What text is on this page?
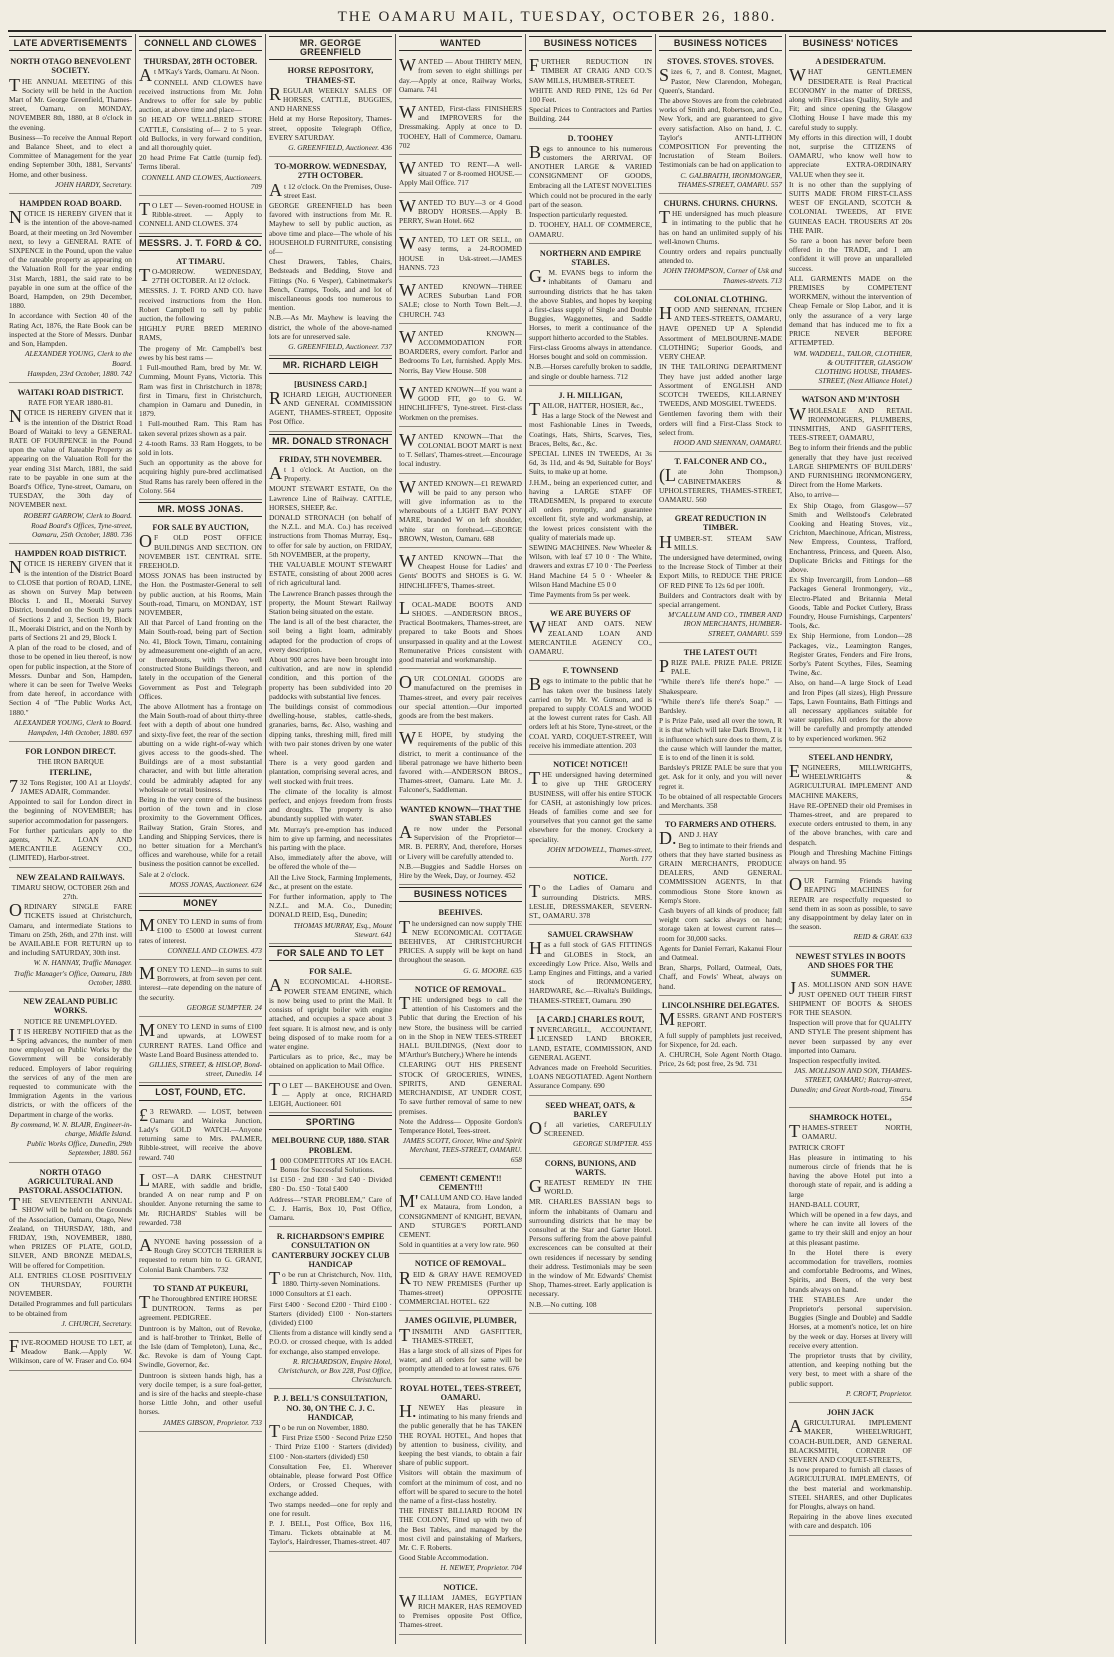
THE OAMARU MAIL, TUESDAY, OCTOBER 26, 1880.
LATE ADVERTISEMENTS
NORTH OTAGO BENEVOLENT SOCIETY.

THE ANNUAL MEETING of this Society will be held in the Auction Mart of Mr. George Greenfield, Thames-street, Oamaru, on MONDAY, NOVEMBER 8th, 1880, at 8 o'clock in the evening.

Business—To receive the Annual Report and Balance Sheet, and to elect a Committee of Management for the year ending September 30th, 1881, Servants' Home, and other business.

JOHN HARDY, Secretary.
HAMPDEN ROAD BOARD.

NOTICE IS HEREBY GIVEN that it is the intention of the above-named Board, at their meeting on 3rd November next, to levy a GENERAL RATE of SIXPENCE in the Pound, upon the value of the rateable property as appearing on the Valuation Roll for the year ending 31st March, 1881, the said rate to be payable in one sum at the office of the Board, Hampden, on 29th December, 1880.

In accordance with Section 40 of the Rating Act, 1876, the Rate Book can be inspected at the Store of Messrs. Dunbar and Son, Hampden.

ALEXANDER YOUNG, Clerk to the Board.
Hampden, 23rd October, 1880. 742
WAITAKI ROAD DISTRICT.
RATE FOR YEAR 1880-81.

NOTICE IS HEREBY GIVEN that it is the intention of the District Road Board of Waitaki to levy a GENERAL RATE OF FOURPENCE in the Pound upon the value of Rateable Property as appearing on the Valuation Roll for the year ending 31st March, 1881, the said rate to be payable in one sum at the Board's Office, Tyne-street, Oamaru, on TUESDAY, the 30th day of NOVEMBER next.

ROBERT GARROW, Clerk to Board.
Road Board's Offices, Tyne-street, Oamaru, 25th October, 1880. 736
HAMPDEN ROAD DISTRICT.

NOTICE IS HEREBY GIVEN that it is the intention of the District Board to CLOSE that portion of ROAD, LINE, as shown on Survey Map between Blocks I. and II., Moeraki Survey District, bounded on the South by parts of Sections 2 and 3, Section 19, Block II., Moeraki District, and on the North by parts of Sections 21 and 29, Block I.

A plan of the road to be closed, and of those to be opened in lieu thereof, is now open for public inspection, at the Store of Messrs. Dunbar and Son, Hampden, where it can be seen for Twelve Weeks from date hereof, in accordance with Section 4 of "The Public Works Act, 1880."

ALEXANDER YOUNG, Clerk to Board.
Hampden, 14th October, 1880. 697
FOR LONDON DIRECT.
THE IRON BARQUE
ITERLINE,

732 Tons Register, 100 A1 at Lloyds'. JAMES ADAIR, Commander.

Appointed to sail for London direct in the beginning of NOVEMBER; has superior accommodation for passengers.

For further particulars apply to the agents, N.Z. LOAN AND MERCANTILE AGENCY CO., (LIMITED), Harbor-street.

NEW ZEALAND RAILWAYS.
TIMARU SHOW, OCTOBER 26th and 27th.

ORDINARY SINGLE FARE TICKETS issued at Christchurch, Oamaru, and intermediate Stations to Timaru on 25th, 26th, and 27th inst. will be AVAILABLE FOR RETURN up to and including SATURDAY, 30th inst.

W. N. HANNAY, Traffic Manager.
Traffic Manager's Office, Oamaru, 18th October, 1880.
NEW ZEALAND PUBLIC WORKS.
NOTICE RE UNEMPLOYED.

IT IS HEREBY NOTIFIED that as the Spring advances, the number of men now employed on Public Works by the Government will be considerably reduced. Employers of labor requiring the services of any of the men are requested to communicate with the Immigration Agents in the various districts, or with the officers of the Department in charge of the works.

By command, W. N. BLAIR, Engineer-in-charge, Middle Island.
Public Works Office, Dunedin, 29th September, 1880. 561
NORTH OTAGO AGRICULTURAL AND PASTORAL ASSOCIATION.

THE SEVENTEENTH ANNUAL SHOW will be held on the Grounds of the Association, Oamaru, Otago, New Zealand, on THURSDAY, 18th, and FRIDAY, 19th, NOVEMBER, 1880, when PRIZES OF PLATE, GOLD, SILVER, AND BRONZE MEDALS, Will be offered for Competition.

ALL ENTRIES CLOSE POSITIVELY ON THURSDAY, FOURTH NOVEMBER.

Detailed Programmes and full particulars to be obtained from

J. CHURCH, Secretary.

FIVE-ROOMED HOUSE TO LET, at Meadow Bank.—Apply W. Wilkinson, care of W. Fraser and Co. 604

CONNELL AND CLOWES
THURSDAY, 28TH OCTOBER.

At M'Kay's Yards, Oamaru. At Noon.

CONNELL AND CLOWES have received instructions from Mr. John Andrews to offer for sale by public auction, at above time and place—

50 HEAD OF WELL-BRED STORE CATTLE, Consisting of— 2 to 5 year-old Bullocks, in very forward condition, and all thoroughly quiet.

20 head Prime Fat Cattle (turnip fed). Terms liberal.

CONNELL AND CLOWES, Auctioneers. 709

TO LET — Seven-roomed HOUSE in Ribble-street. — Apply to CONNELL AND CLOWES. 374

MESSRS. J. T. FORD & CO.
AT TIMARU.

TO-MORROW. WEDNESDAY, 27TH OCTOBER. At 12 o'clock.

MESSRS. J. T. FORD AND CO. have received instructions from the Hon. Robert Campbell to sell by public auction, the following

HIGHLY PURE BRED MERINO RAMS,

The progeny of Mr. Campbell's best ewes by his best rams —

1 Full-mouthed Ram, bred by Mr. W. Cumming, Mount Fyans, Victoria. This Ram was first in Christchurch in 1878; first in Timaru, first in Christchurch, champion in Oamaru and Dunedin, in 1879.

1 Full-mouthed Ram. This Ram has taken several prizes shown as a pair.

2 4-tooth Rams. 33 Ram Hoggets, to be sold in lots.

Such an opportunity as the above for acquiring highly pure-bred acclimatised Stud Rams has rarely been offered in the Colony. 564

MR. MOSS JONAS.
FOR SALE BY AUCTION,

OF OLD POST OFFICE BUILDINGS AND SECTION. ON NOVEMBER 1ST. CENTRAL SITE. FREEHOLD.

MOSS JONAS has been instructed by the Hon. the Postmaster-General to sell by public auction, at his Rooms, Main South-road, Timaru, on MONDAY, 1ST NOVEMBER,

All that Parcel of Land fronting on the Main South-road, being part of Section No. 41, Block Town, Timaru, containing by admeasurement one-eighth of an acre, or thereabouts, with Two well constructed Stone Buildings thereon, and lately in the occupation of the General Government as Post and Telegraph Offices.

The above Allotment has a frontage on the Main South-road of about thirty-three feet with a depth of about one hundred and sixty-five feet, the rear of the section abutting on a wide right-of-way which gives access to the goods-shed. The Buildings are of a most substantial character, and with but little alteration could be admirably adapted for any wholesale or retail business.

Being in the very centre of the business portion of the town and in close proximity to the Government Offices, Railway Station, Grain Stores, and Landing and Shipping Services, there is no better situation for a Merchant's offices and warehouse, while for a retail business the position cannot be excelled.

Sale at 2 o'clock.

MOSS JONAS, Auctioneer. 624
MONEY

MONEY TO LEND in sums of from £100 to £5000 at lowest current rates of interest.

CONNELL AND CLOWES. 473

MONEY TO LEND—in sums to suit Borrowers, at from seven per cent. interest—rate depending on the nature of the security.

GEORGE SUMPTER. 24

MONEY TO LEND in sums of £100 and upwards, at LOWEST CURRENT RATES. Land Office and Waste Land Board Business attended to.

GILLIES, STREET, & HISLOP, Bond-street, Dunedin. 14
LOST, FOUND, ETC.

£3 REWARD. — LOST, between Oamaru and Waireka Junction, Lady's GOLD WATCH.—Anyone returning same to Mrs. PALMER, Ribble-street, will receive the above reward. 740

LOST—A DARK CHESTNUT MARE, with saddle and bridle, branded A on near rump and P on shoulder. Anyone returning the same to Mr. RICHARDS' Stables will be rewarded. 738

ANYONE having possession of a Rough Grey SCOTCH TERRIER is requested to return him to G. GRANT, Colonial Bank Chambers. 732

TO STAND AT PUKEURI,

The Thoroughbred ENTIRE HORSE

DUNTROON. Terms as per agreement. PEDIGREE.

Duntroon is by Malton, out of Revoke, and is half-brother to Trinket, Belle of the Isle (dam of Templeton), Luna, &c., &c. Revoke is dam of Young Capt. Swindle, Governor, &c.

Duntroon is sixteen hands high, has a very docile temper, is a sure foal-getter, and is sire of the hacks and steeple-chase horse Little John, and other useful horses.

JAMES GIBSON, Proprietor. 733
MR. GEORGE GREENFIELD
HORSE REPOSITORY, THAMES-ST.

REGULAR WEEKLY SALES OF HORSES, CATTLE, BUGGIES, AND HARNESS

Held at my Horse Repository, Thames-street, opposite Telegraph Office, EVERY SATURDAY.

G. GREENFIELD, Auctioneer. 436
TO-MORROW. WEDNESDAY, 27TH OCTOBER.

At 12 o'clock. On the Premises, Ouse-street East.

GEORGE GREENFIELD has been favored with instructions from Mr. R. Mayhew to sell by public auction, as above time and place—The whole of his HOUSEHOLD FURNITURE, consisting of—

Chest Drawers, Tables, Chairs, Bedsteads and Bedding, Stove and Fittings (No. 6 Vesper), Cabinetmaker's Bench, Cramps, Tools, and and lot of miscellaneous goods too numerous to mention.

N.B.—As Mr. Mayhew is leaving the district, the whole of the above-named lots are for unreserved sale.

G. GREENFIELD, Auctioneer. 737
MR. RICHARD LEIGH
[BUSINESS CARD.]

RICHARD LEIGH, AUCTIONEER AND GENERAL COMMISSION AGENT, THAMES-STREET, Opposite Post Office.

MR. DONALD STRONACH
FRIDAY, 5TH NOVEMBER.

At 1 o'clock. At Auction, on the Property.

MOUNT STEWART ESTATE, On the Lawrence Line of Railway. CATTLE, HORSES, SHEEP, &c.

DONALD STRONACH (on behalf of the N.Z.L. and M.A. Co.) has received instructions from Thomas Murray, Esq., to offer for sale by auction, on FRIDAY, 5th NOVEMBER, at the property,

THE VALUABLE MOUNT STEWART ESTATE, consisting of about 2000 acres of rich agricultural land.

The Lawrence Branch passes through the property, the Mount Stewart Railway Station being situated on the estate.

The land is all of the best character, the soil being a light loam, admirably adapted for the production of crops of every description.

About 900 acres have been brought into cultivation, and are now in splendid condition, and this portion of the property has been subdivided into 20 paddocks with substantial live fences.

The buildings consist of commodious dwelling-house, stables, cattle-sheds, granaries, barns, &c. Also, washing and dipping tanks, threshing mill, fired mill with two pair stones driven by one water wheel.

There is a very good garden and plantation, comprising several acres, and well stocked with fruit trees.

The climate of the locality is almost perfect, and enjoys freedom from frosts and droughts. The property is also abundantly supplied with water.

Mr. Murray's pre-emption has induced him to give up farming, and necessitates his parting with the place.

Also, immediately after the above, will be offered the whole of the—

All the Live Stock, Farming Implements, &c., at present on the estate.

For further information, apply to The N.Z.L. and M.A. Co., Dunedin; DONALD REID, Esq., Dunedin;

THOMAS MURRAY, Esq., Mount Stewart. 641
FOR SALE AND TO LET
FOR SALE.

AN ECONOMICAL 4-HORSE-POWER STEAM ENGINE, which is now being used to print the Mail. It consists of upright boiler with engine attached, and occupies a space about 3 feet square. It is almost new, and is only being disposed of to make room for a water engine.

Particulars as to price, &c., may be obtained on application to Mail Office.

TO LET — BAKEHOUSE and Oven. — Apply at once, RICHARD LEIGH, Auctioneer. 601

SPORTING
MELBOURNE CUP, 1880. STAR PROBLEM.

1000 COMPETITORS AT 10s EACH. Bonus for Successful Solutions.

1st £150 · 2nd £80 · 3rd £40 · Divided £80 · Do. £50 · Total £400

Address—"STAR PROBLEM," Care of C. J. Harris, Box 10, Post Office, Oamaru.

R. RICHARDSON'S EMPIRE CONSULTATION ON CANTERBURY JOCKEY CLUB HANDICAP

To be run at Christchurch, Nov. 11th, 1880. Thirty-seven Nominations.

1000 Consultors at £1 each.

First £400 · Second £200 · Third £100 · Starters (divided) £100 · Non-starters (divided) £100

Clients from a distance will kindly send a P.O.O. or crossed cheque, with 1s added for exchange, also stamped envelope.

R. RICHARDSON, Empire Hotel, Christchurch, or Box 228, Post Office, Christchurch.
P. J. BELL'S CONSULTATION, NO. 30, ON THE C. J. C. HANDICAP,

To be run on November, 1880.

First Prize £500 · Second Prize £250 · Third Prize £100 · Starters (divided) £100 · Non-starters (divided) £50

Consultation Fee, £1. Wherever obtainable, please forward Post Office Orders, or Crossed Cheques, with exchange added.

Two stamps needed—one for reply and one for result.

P. J. BELL, Post Office, Box 116, Timaru. Tickets obtainable at M. Taylor's, Hairdresser, Thames-street. 407

WANTED

WANTED — About THIRTY MEN, from seven to eight shillings per day.—Apply at once, Railway Works, Oamaru. 741

WANTED, First-class FINISHERS and IMPROVERS for the Dressmaking. Apply at once to D. TOOHEY, Hall of Commerce, Oamaru. 702

WANTED TO RENT—A well-situated 7 or 8-roomed HOUSE.—Apply Mail Office. 717

WANTED TO BUY—3 or 4 Good BRODY HORSES.—Apply B. PERRY, Swan Hotel. 662

WANTED, TO LET OR SELL, on easy terms, a 24-ROOMED HOUSE in Usk-street.—JAMES HANNS. 723

WANTED KNOWN—THREE ACRES Suburban Land FOR SALE; close to North Town Belt.—J. CHURCH. 743

WANTED KNOWN—ACCOMMODATION FOR BOARDERS, every comfort. Parlor and Bedrooms To Let, furnished. Apply Mrs. Norris, Bay View House. 508

WANTED KNOWN—If you want a GOOD FIT, go to G. W. HINCHLIFFE'S, Tyne-street. First-class Workmen on the premises.

WANTED KNOWN—That the COLONIAL BOOT MART is next to T. Sellars', Thames-street.—Encourage local industry.

WANTED KNOWN—£1 REWARD will be paid to any person who will give information as to the whereabouts of a LIGHT BAY PONY MARE, branded W on left shoulder, white star on forehead.—GEORGE BROWN, Weston, Oamaru. 688

WANTED KNOWN—That the Cheapest House for Ladies' and Gents' BOOTS and SHOES is G. W. HINCHLIFFE'S, Thames-street.

LOCAL-MADE BOOTS AND SHOES. —ANDERSON BROS., Practical Bootmakers, Thames-street, are prepared to take Boots and Shoes unsurpassed in quality and at the Lowest Remunerative Prices consistent with good material and workmanship.

OUR COLONIAL GOODS are manufactured on the premises in Thames-street, and every pair receives our special attention.—Our imported goods are from the best makers.

WE HOPE, by studying the requirements of the public of this district, to merit a continuance of the liberal patronage we have hitherto been favored with.—ANDERSON BROS., Thames-street, Oamaru. Late Mr. J. Falconer's, Saddleman.

WANTED KNOWN—THAT THE SWAN STABLES

Are now under the Personal Supervision of the Proprietor— MR. B. PERRY, And, therefore, Horses or Livery will be carefully attended to.

N.B.—Buggies and Saddle Horses on Hire by the Week, Day, or Journey. 452

BUSINESS NOTICES
BEEHIVES.

The undersigned can now supply THE NEW ECONOMICAL COTTAGE BEEHIVES, AT CHRISTCHURCH PRICES. A supply will be kept on hand throughout the season.

G. G. MOORE. 635
NOTICE OF REMOVAL.

THE undersigned begs to call the attention of his Customers and the Public that during the Erection of his new Store, the business will be carried on in the Shop in NEW TEES-STREET HALL BUILDINGS, (Next door to M'Arthur's Butchery,) Where he intends

CLEARING OUT HIS PRESENT STOCK Of GROCERIES, WINES, SPIRITS, AND GENERAL MERCHANDISE, AT UNDER COST, To save further removal of same to new premises.

Note the Address— Opposite Gordon's Temperance Hotel, Tees-street.

JAMES SCOTT, Grocer, Wine and Spirit Merchant, TEES-STREET, OAMARU. 658
CEMENT! CEMENT!! CEMENT!!!

M'CALLUM AND CO. Have landed ex Mataura, from London, a CONSIGNMENT of KNIGHT, BEVAN, AND STURGE'S PORTLAND CEMENT.

Sold in quantities at a very low rate. 960

NOTICE OF REMOVAL.

REID & GRAY HAVE REMOVED TO NEW PREMISES (Further up Thames-street) OPPOSITE COMMERCIAL HOTEL. 622

JAMES OGILVIE, PLUMBER,

TINSMITH AND GASFITTER, THAMES-STREET,

Has a large stock of all sizes of Pipes for water, and all orders for same will be promptly attended to at lowest rates. 676

ROYAL HOTEL, TEES-STREET, OAMARU.

H.NEWEY Has pleasure in intimating to his many friends and the public generally that he has TAKEN THE ROYAL HOTEL, And hopes that by attention to business, civility, and keeping the best viands, to obtain a fair share of public support.

Visitors will obtain the maximum of comfort at the minimum of cost, and no effort will be spared to secure to the hotel the name of a first-class hostelry.

THE FINEST BILLIARD ROOM IN THE COLONY, Fitted up with two of the Best Tables, and managed by the most civil and painstaking of Markers, Mr. C. F. Roberts.

Good Stable Accommodation.

H. NEWEY, Proprietor. 704
NOTICE.

WILLIAM JAMES, EGYPTIAN RICH MAKER, HAS REMOVED to Premises opposite Post Office, Thames-street.

BUSINESS NOTICES

FURTHER REDUCTION IN TIMBER AT CRAIG AND CO.'S SAW MILLS, HUMBER-STREET.

WHITE AND RED PINE, 12s 6d Per 100 Feet.

Special Prices to Contractors and Parties Building. 244

D. TOOHEY

Begs to announce to his numerous customers the ARRIVAL OF ANOTHER LARGE & VARIED CONSIGNMENT OF GOODS, Embracing all the LATEST NOVELTIES

Which could not be procured in the early part of the season.

Inspection particularly requested.

D. TOOHEY, HALL OF COMMERCE, OAMARU.

NORTHERN AND EMPIRE STABLES.

G.M. EVANS begs to inform the inhabitants of Oamaru and surrounding districts that he has taken the above Stables, and hopes by keeping a first-class supply of Single and Double Buggies, Waggonettes, and Saddle Horses, to merit a continuance of the support hitherto accorded to the Stables.

First-class Grooms always in attendance. Horses bought and sold on commission.

N.B.—Horses carefully broken to saddle, and single or double harness. 712

J. H. MILLIGAN,

TAILOR, HATTER, HOSIER, &c.,

Has a large Stock of the Newest and most Fashionable Lines in Tweeds, Coatings, Hats, Shirts, Scarves, Ties, Braces, Belts, &c., &c.

SPECIAL LINES IN TWEEDS, At 3s 6d, 3s 11d, and 4s 9d, Suitable for Boys' Suits, to make up at home.

J.H.M., being an experienced cutter, and having a LARGE STAFF OF TRADESMEN, Is prepared to execute all orders promptly, and guarantee excellent fit, style and workmanship, at the lowest prices consistent with the quality of materials made up.

SEWING MACHINES. New Wheeler & Wilson, with leaf £7 10 0 · The White, drawers and extras £7 10 0 · The Peerless Hand Machine £4 5 0 · Wheeler & Wilson Hand Machine £5 0 0

Time Payments from 5s per week.

WE ARE BUYERS OF

WHEAT AND OATS. NEW ZEALAND LOAN AND MERCANTILE AGENCY CO., OAMARU.

F. TOWNSEND

Begs to intimate to the public that he has taken over the business lately carried on by Mr. W. Gunson, and is prepared to supply COALS and WOOD at the lowest current rates for Cash. All orders left at his Store, Tyne-street, or the COAL YARD, COQUET-STREET, Will receive his immediate attention. 203

NOTICE! NOTICE!!

THE undersigned having determined to give up THE GROCERY BUSINESS, will offer his entire STOCK for CASH, at astonishingly low prices. Heads of families come and see for yourselves that you cannot get the same elsewhere for the money. Crockery a speciality.

JOHN M'DOWELL, Thames-street, North. 177
NOTICE.

To the Ladies of Oamaru and surrounding Districts. MRS. LESLIE, DRESSMAKER, SEVERN-ST., OAMARU. 378

SAMUEL CRAWSHAW

Has a full stock of GAS FITTINGS and GLOBES in Stock, an exceedingly Low Price. Also, Wells and Lamp Engines and Fittings, and a varied stock of IRONMONGERY, HARDWARE, &c.—Rivalta's Buildings, THAMES-STREET, Oamaru. 390

[A CARD.] CHARLES ROUT,

INVERCARGILL, ACCOUNTANT, LICENSED LAND BROKER, LAND, ESTATE, COMMISSION, AND GENERAL AGENT.

Advances made on Freehold Securities. LOANS NEGOTIATED. Agent Northern Assurance Company. 690

SEED WHEAT, OATS, & BARLEY

Of all varieties, CAREFULLY SCREENED.

GEORGE SUMPTER. 455
CORNS, BUNIONS, AND WARTS.

GREATEST REMEDY IN THE WORLD.

MR. CHARLES BASSIAN begs to inform the inhabitants of Oamaru and surrounding districts that he may be consulted at the Star and Garter Hotel. Persons suffering from the above painful excrescences can be consulted at their own residences if necessary by sending their address. Testimonials may be seen in the window of Mr. Edwards' Chemist Shop, Thames-street. Early application is necessary.

N.B.—No cutting. 108

BUSINESS NOTICES
STOVES. STOVES. STOVES.

Sizes 6, 7, and 8. Contest, Magnet, Pastor, New Clarendon, Mohegan, Queen's, Standard.

The above Stoves are from the celebrated works of Smith and, Robertson, and Co., New York, and are guaranteed to give every satisfaction. Also on hand, J. C. Taylor's ANTI-LITHON COMPOSITION For preventing the Incrustation of Steam Boilers. Testimonials can be had on application to

C. GALBRAITH, IRONMONGER, THAMES-STREET, OAMARU. 557
CHURNS. CHURNS. CHURNS.

THE undersigned has much pleasure in intimating to the public that he has on hand an unlimited supply of his well-known Churns.

Country orders and repairs punctually attended to.

JOHN THOMPSON, Corner of Usk and Thames-streets. 713
COLONIAL CLOTHING.

HOOD AND SHENNAN, ITCHEN AND TEES-STREETS, OAMARU,

HAVE OPENED UP A Splendid Assortment of MELBOURNE-MADE CLOTHING; Superior Goods, and VERY CHEAP.

IN THE TAILORING DEPARTMENT They have just added another large Assortment of ENGLISH AND SCOTCH TWEEDS, KILLARNEY TWEEDS, AND MOSGIEL TWEEDS.

Gentlemen favoring them with their orders will find a First-Class Stock to select from.

HOOD AND SHENNAN, OAMARU.
T. FALCONER AND CO.,

(Late John Thompson,) CABINETMAKERS & UPHOLSTERERS, THAMES-STREET, OAMARU. 560

GREAT REDUCTION IN TIMBER.

HUMBER-ST. STEAM SAW MILLS.

The undersigned have determined, owing to the Increase Stock of Timber at their Export Mills, to REDUCE THE PRICE OF RED PINE To 12s 6d per 100ft.

Builders and Contractors dealt with by special arrangement.

M'CALLUM AND CO., TIMBER AND IRON MERCHANTS, HUMBER-STREET, OAMARU. 559
THE LATEST OUT!

PRIZE PALE. PRIZE PALE. PRIZE PALE.

"While there's life there's hope." —Shakespeare.

"While there's life there's Soap." —Bardsley.

P is Prize Pale, used all over the town, R it is that which will take Dark Brown, I it is influence which sure does to them, Z is the cause which will launder the matter, E is to end of the linen it is sold.

Bardsley's PRIZE PALE be sure that you get. Ask for it only, and you will never regret it.

To be obtained of all respectable Grocers and Merchants. 358

TO FARMERS AND OTHERS.

D.AND J. HAY

Beg to intimate to their friends and others that they have started business as GRAIN MERCHANTS, PRODUCE DEALERS, AND GENERAL COMMISSION AGENTS, In that commodious Stone Store known as Kemp's Store.

Cash buyers of all kinds of produce; fall weight corn sacks always on hand; storage taken at lowest current rates—room for 30,000 sacks.

Agents for Daniel Ferrari, Kakanui Flour and Oatmeal.

Bran, Sharps, Pollard, Oatmeal, Oats, Chaff, and Fowls' Wheat, always on hand.

LINCOLNSHIRE DELEGATES.

MESSRS. GRANT AND FOSTER'S REPORT.

A full supply of pamphlets just received, for Sixpence, for 2d. each.

A. CHURCH, Sole Agent North Otago. Price, 2s 6d; post free, 2s 9d. 731

BUSINESS' NOTICES
A DESIDERATUM.

WHAT GENTLEMEN DESIDERATE is Real Practical ECONOMY in the matter of DRESS, along with First-class Quality, Style and Fit; and since opening the Glasgow Clothing House I have made this my careful study to supply.

My efforts in this direction will, I doubt not, surprise the CITIZENS of OAMARU, who know well how to appreciate EXTRA-ORDINARY VALUE when they see it.

It is no other than the supplying of SUITS MADE FROM FIRST-CLASS WEST OF ENGLAND, SCOTCH & COLONIAL TWEEDS, AT FIVE GUINEAS EACH. TROUSERS AT 20s THE PAIR.

So rare a boon has never before been offered in the TRADE, and I am confident it will prove an unparalleled success.

ALL GARMENTS MADE on the PREMISES by COMPETENT WORKMEN, without the intervention of Cheap Female or Slop Labor, and it is only the assurance of a very large demand that has induced me to fix a PRICE NEVER BEFORE ATTEMPTED.

WM. WADDELL, TAILOR, CLOTHIER, & OUTFITTER, GLASGOW CLOTHING HOUSE, THAMES-STREET, (Next Alliance Hotel.)
WATSON AND M'INTOSH

WHOLESALE AND RETAIL IRONMONGERS, PLUMBERS, TINSMITHS, AND GASFITTERS, TEES-STREET, OAMARU,

Beg to inform their friends and the public generally that they have just received LARGE SHIPMENTS OF BUILDERS' AND FURNISHING IRONMONGERY, Direct from the Home Markets.

Also, to arrive—

Ex Ship Otago, from Glasgow—57 Smith and Wellstood's Celebrated Cooking and Heating Stoves, viz., Crichton, Maechinoue, African, Mistress, New Empress, Countess, Trafford, Enchantress, Princess, and Queen. Also, Duplicate Bricks and Fittings for the above.

Ex Ship Invercargill, from London—68 Packages General Ironmongery, viz., Electro-Plated and Britannia Metal Goods, Table and Pocket Cutlery, Brass Foundry, House Furnishings, Carpenters' Tools, &c.

Ex Ship Hermione, from London—28 Packages, viz., Leamington Ranges, Register Grates, Fenders and Fire Irons, Sorby's Patent Scythes, Files, Seaming Twine, &c.

Also, on hand—A large Stock of Lead and Iron Pipes (all sizes), High Pressure Taps, Lawn Fountains, Bath Fittings and all necessary appliances suitable for water supplies. All orders for the above will be carefully and promptly attended to by experienced workmen. 962

STEEL AND HENDRY,

ENGINEERS, MILLWRIGHTS, WHEELWRIGHTS & AGRICULTURAL IMPLEMENT AND MACHINE MAKERS,

Have RE-OPENED their old Premises in Thames-street, and are prepared to execute orders entrusted to them, in any of the above branches, with care and despatch.

Plough and Threshing Machine Fittings always on hand. 95

OUR Farming Friends having REAPING MACHINES for REPAIR are respectfully requested to send them in as soon as possible, to save any disappointment by delay later on in the season.

REID & GRAY. 633
NEWEST STYLES IN BOOTS AND SHOES FOR THE SUMMER.

JAS. MOLLISON AND SON HAVE JUST OPENED OUT THEIR FIRST SHIPMENT OF BOOTS & SHOES FOR THE SEASON.

Inspection will prove that for QUALITY AND STYLE The present shipment has never been surpassed by any ever imported into Oamaru.

Inspection respectfully invited.

JAS. MOLLISON AND SON, THAMES-STREET, OAMARU; Ratcray-street, Dunedin; and Great North-road, Timaru. 554
SHAMROCK HOTEL,

THAMES-STREET NORTH, OAMARU.

PATRICK CROFT

Has pleasure in intimating to his numerous circle of friends that he is having the above Hotel put into a thorough state of repair, and is adding a large

HAND-BALL COURT,

Which will be opened in a few days, and where he can invite all lovers of the game to try their skill and enjoy an hour at this pleasant pastime.

In the Hotel there is every accommodation for travellers, roomies and comfortable Bedrooms, and Wines, Spirits, and Beers, of the very best brands always on hand.

THE STABLES Are under the Proprietor's personal supervision. Buggies (Single and Double) and Saddle Horses, at a moment's notice, let on hire by the week or day. Horses at livery will receive every attention.

The proprietor trusts that by civility, attention, and keeping nothing but the very best, to meet with a share of the public support.

P. CROFT, Proprietor.
JOHN JACK

AGRICULTURAL IMPLEMENT MAKER, WHEELWRIGHT, COACH-BUILDER, AND GENERAL BLACKSMITH, CORNER OF SEVERN AND COQUET-STREETS,

Is now prepared to furnish all classes of AGRICULTURAL IMPLEMENTS, Of the best material and workmanship. STEEL SHARES, and other Duplicates for Ploughs, always on hand.

Repairing in the above lines executed with care and despatch. 106
